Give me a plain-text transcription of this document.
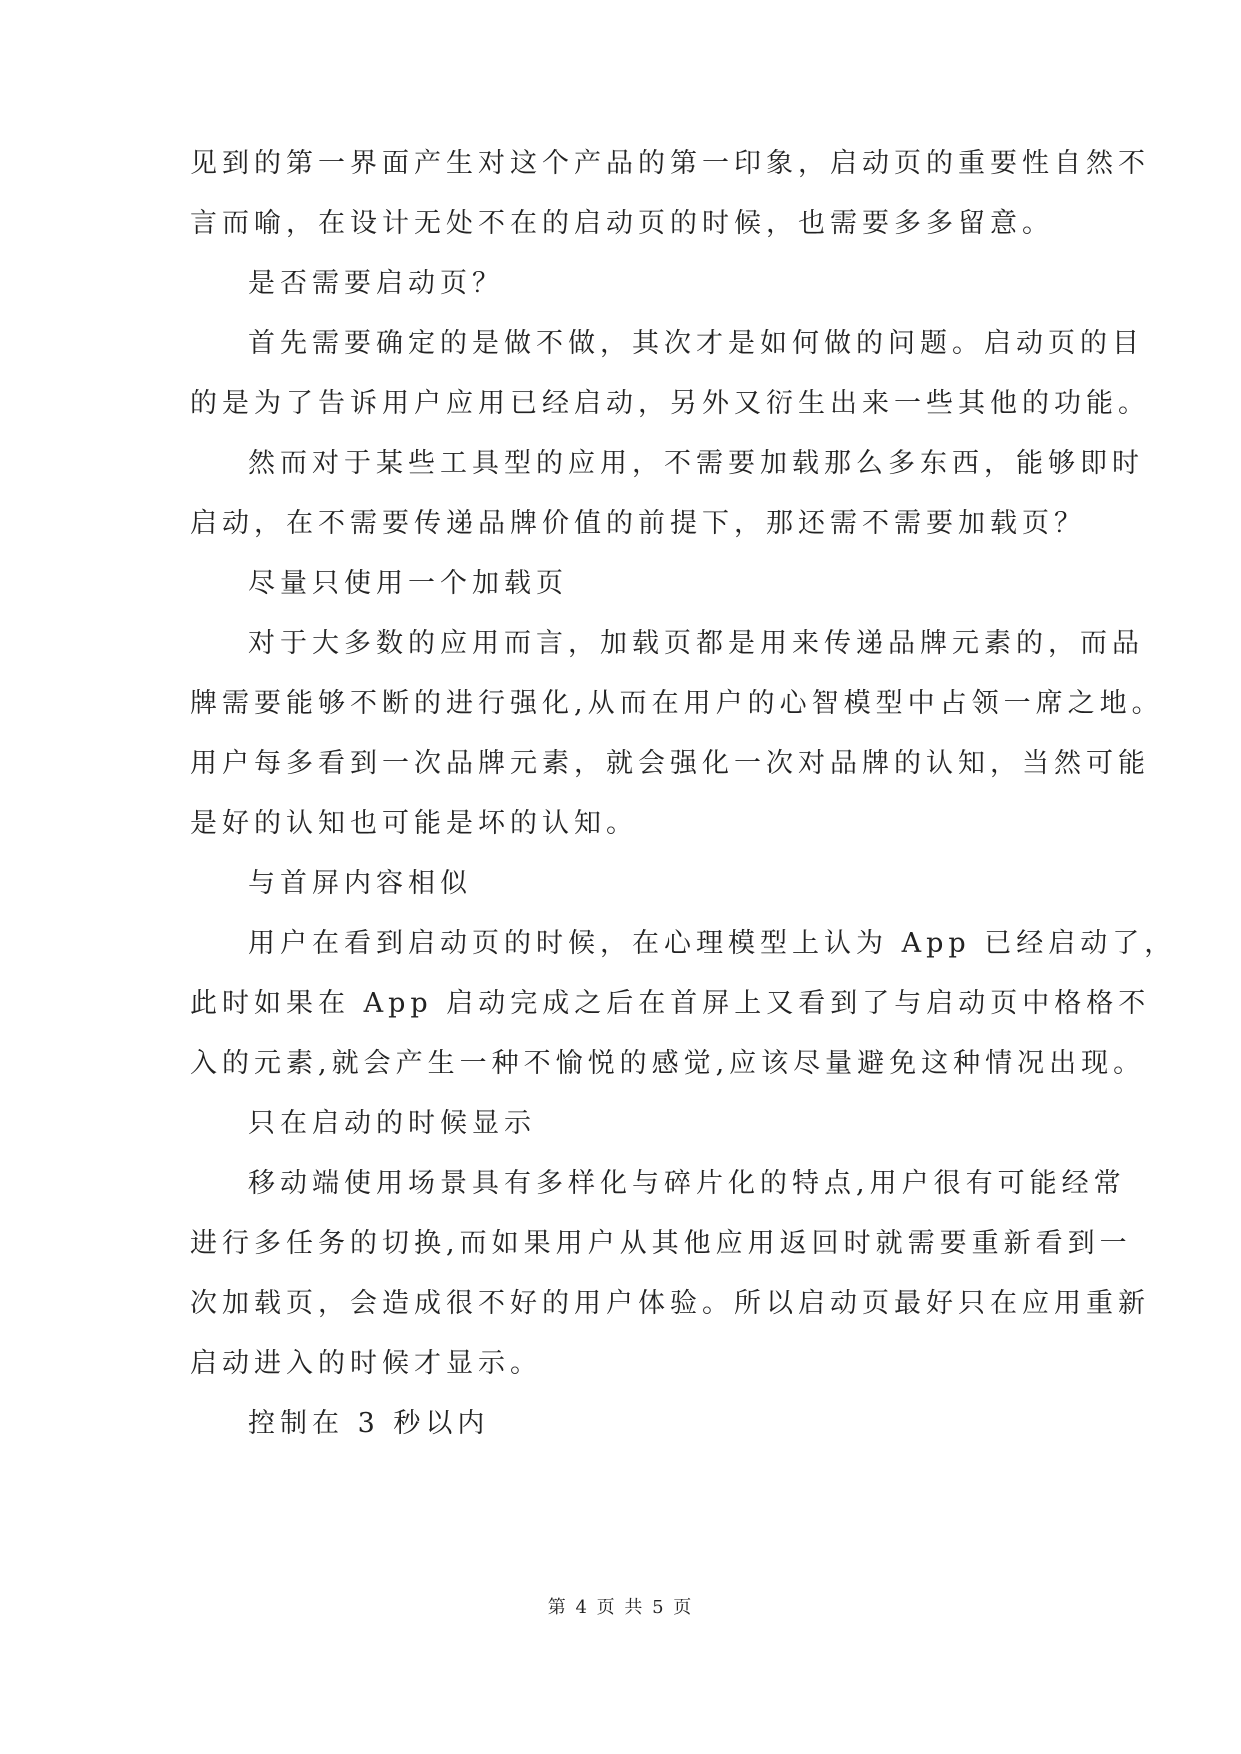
见到的第一界面产生对这个产品的第一印象，启动页的重要性自然不
言而喻，在设计无处不在的启动页的时候，也需要多多留意。
是否需要启动页？
首先需要确定的是做不做，其次才是如何做的问题。启动页的目
的是为了告诉用户应用已经启动，另外又衍生出来一些其他的功能。
然而对于某些工具型的应用，不需要加载那么多东西，能够即时
启动，在不需要传递品牌价值的前提下，那还需不需要加载页？
尽量只使用一个加载页
对于大多数的应用而言，加载页都是用来传递品牌元素的，而品
牌需要能够不断的进行强化,从而在用户的心智模型中占领一席之地。
用户每多看到一次品牌元素，就会强化一次对品牌的认知，当然可能
是好的认知也可能是坏的认知。
与首屏内容相似
用户在看到启动页的时候，在心理模型上认为 App 已经启动了，
此时如果在 App 启动完成之后在首屏上又看到了与启动页中格格不
入的元素,就会产生一种不愉悦的感觉,应该尽量避免这种情况出现。
只在启动的时候显示
移动端使用场景具有多样化与碎片化的特点,用户很有可能经常
进行多任务的切换,而如果用户从其他应用返回时就需要重新看到一
次加载页，会造成很不好的用户体验。所以启动页最好只在应用重新
启动进入的时候才显示。
控制在 3 秒以内
第 4 页 共 5 页
